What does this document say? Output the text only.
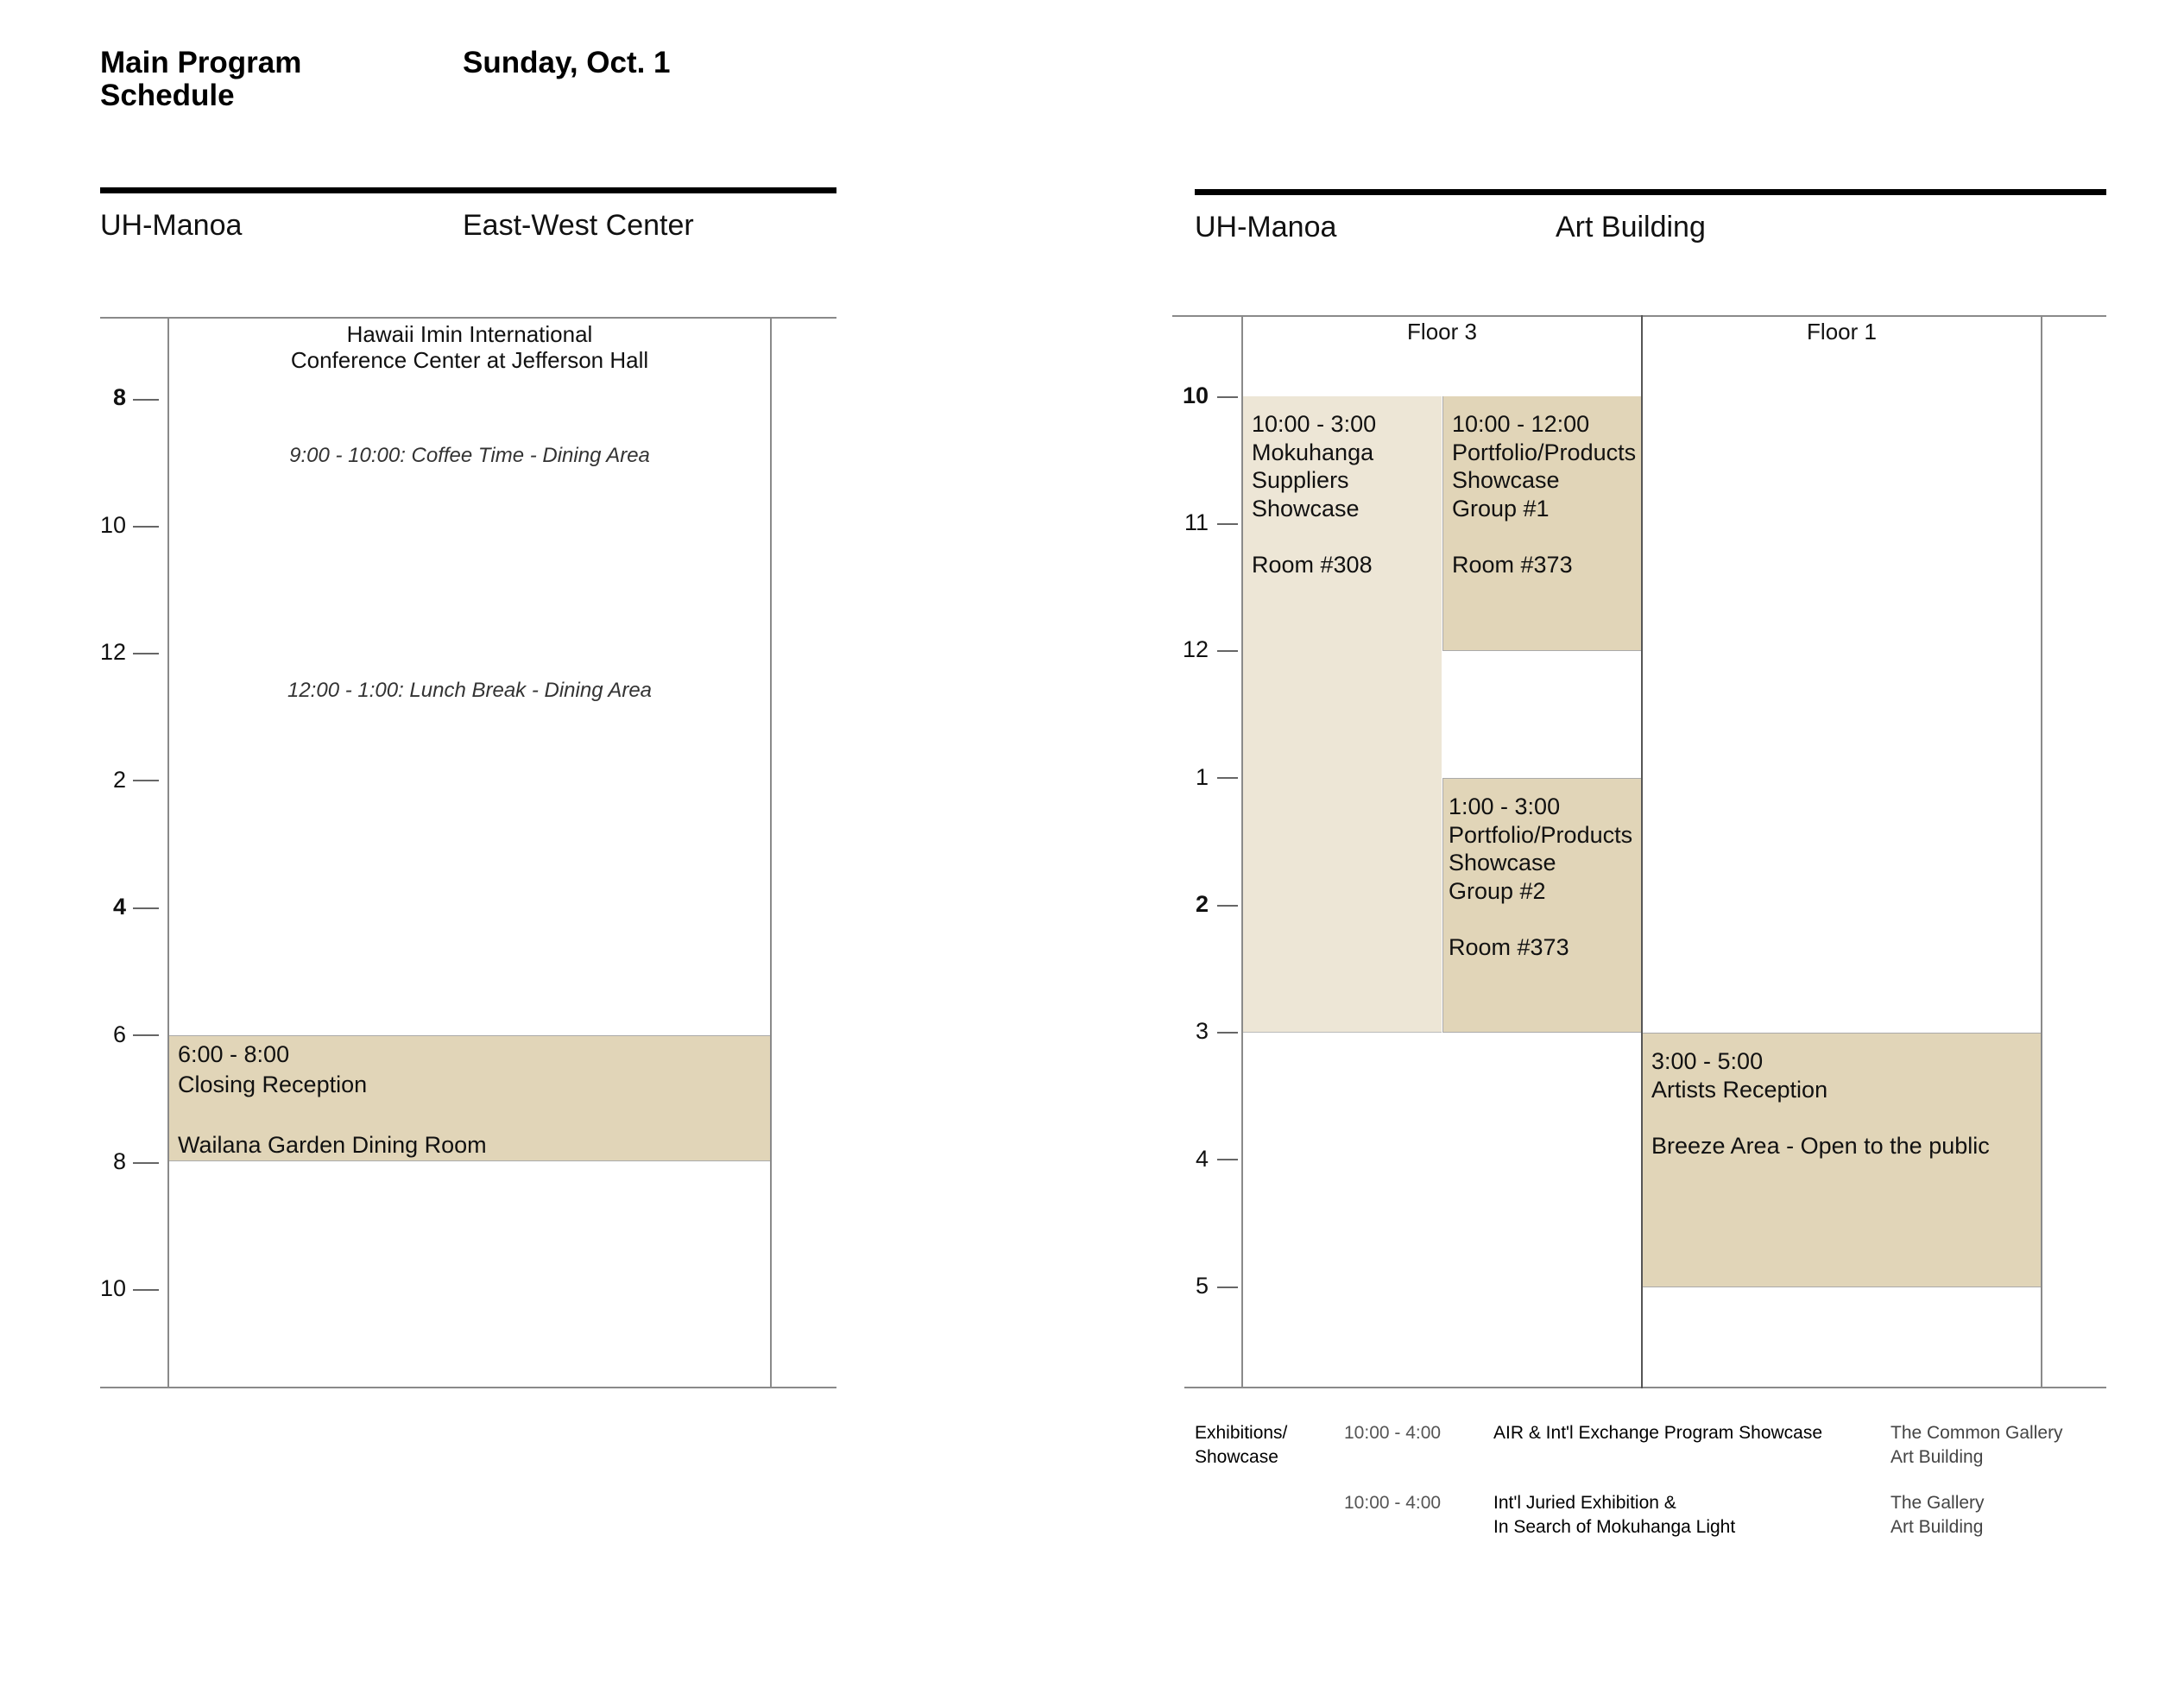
Main Program
Schedule
Sunday, Oct. 1
UH-Manoa	East-West Center
Hawaii Imin International
Conference Center at Jefferson Hall
8
10
12
2
4
6
8
10
9:00 - 10:00: Coffee Time - Dining Area
12:00 - 1:00: Lunch Break - Dining Area
6:00 - 8:00
Closing Reception

Wailana Garden Dining Room
UH-Manoa	Art Building
Floor 3	Floor 1
10
11
12
1
2
3
4
5
10:00 - 3:00
Mokuhanga
Suppliers
Showcase

Room #308
10:00 - 12:00
Portfolio/Products
Showcase
Group #1

Room #373
1:00 - 3:00
Portfolio/Products
Showcase
Group #2

Room #373
3:00 - 5:00
Artists Reception

Breeze Area - Open to the public
Exhibitions/
Showcase
10:00 - 4:00	AIR & Int'l Exchange Program Showcase	The Common Gallery
Art Building
10:00 - 4:00	Int'l Juried Exhibition &
In Search of Mokuhanga Light
The Gallery
Art Building
